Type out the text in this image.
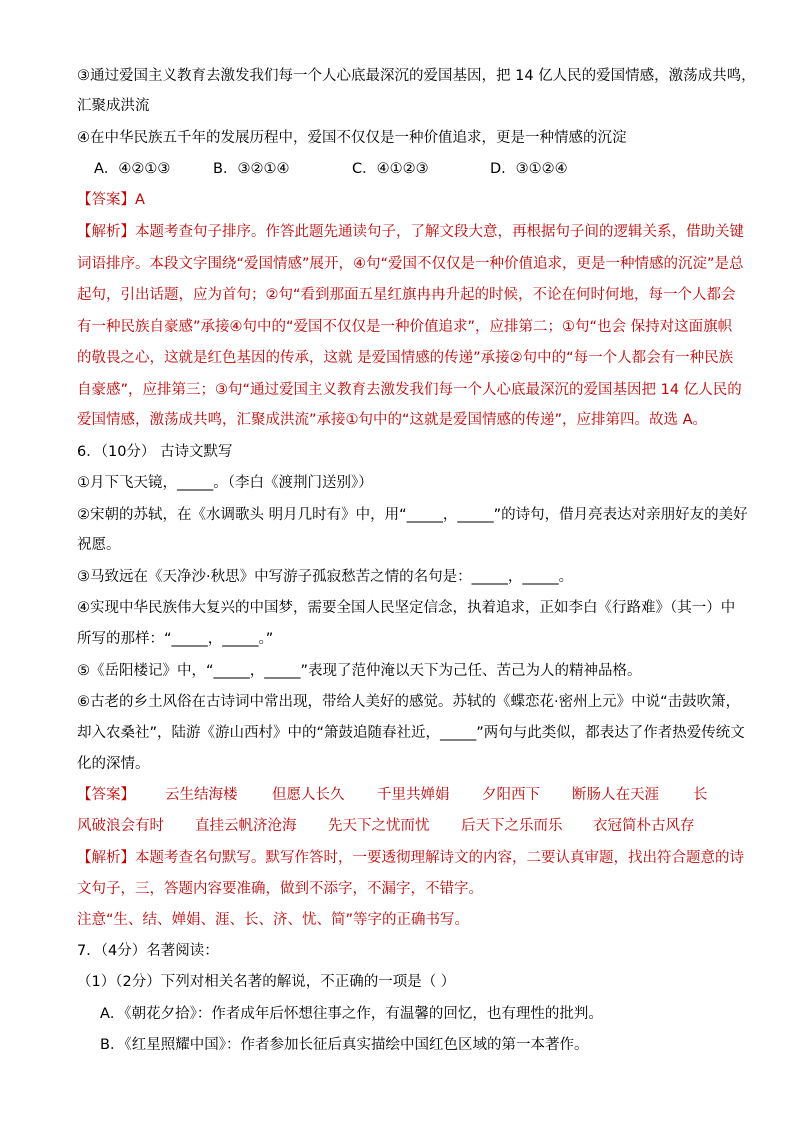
③通过爱国主义教育去激发我们每一个人心底最深沉的爱国基因，把 14 亿人民的爱国情感，激荡成共鸣，
汇聚成洪流
④在中华民族五千年的发展历程中，爱国不仅仅是一种价值追求，更是一种情感的沉淀
A．④②①③	B．③②①④	C．④①②③	D．③①②④
【答案】A
【解析】本题考查句子排序。作答此题先通读句子，了解文段大意，再根据句子间的逻辑关系，借助关键
词语排序。本段文字围绕“爱国情感”展开，④句“爱国不仅仅是一种价值追求，更是一种情感的沉淀”是总
起句，引出话题，应为首句；②句“看到那面五星红旗冉冉升起的时候，不论在何时何地，每一个人都会
有一种民族自豪感”承接④句中的“爱国不仅仅是一种价值追求”，应排第二；①句“也会 保持对这面旗帜
的敬畏之心，这就是红色基因的传承，这就 是爱国情感的传递”承接②句中的“每一个人都会有一种民族
自豪感”，应排第三；③句“通过爱国主义教育去激发我们每一个人心底最深沉的爱国基因把 14 亿人民的
爱国情感，激荡成共鸣，汇聚成洪流”承接①句中的“这就是爱国情感的传递”，应排第四。故选 A。
6．（10分） 古诗文默写
①月下飞天镜，_____。（李白《渡荆门送别》）
②宋朝的苏轼，在《水调歌头 明月几时有》中，用“_____，_____”的诗句，借月亮表达对亲朋好友的美好
祝愿。
③马致远在《天净沙·秋思》中写游子孤寂愁苦之情的名句是：_____，_____。
④实现中华民族伟大复兴的中国梦，需要全国人民坚定信念，执着追求，正如李白《行路难》（其一）中
所写的那样：“_____，_____。”
⑤《岳阳楼记》中，“_____，_____”表现了范仲淹以天下为己任、苦己为人的精神品格。
⑥古老的乡土风俗在古诗词中常出现，带给人美好的感觉。苏轼的《蝶恋花·密州上元》中说“击鼓吹箫，
却入农桑社”，陆游《游山西村》中的“箫鼓追随春社近，_____”两句与此类似，都表达了作者热爱传统文
化的深情。
【答案】 云生结海楼 但愿人长久 千里共婵娟 夕阳西下 断肠人在天涯 长
风破浪会有时 直挂云帆济沧海 先天下之忧而忧 后天下之乐而乐 衣冠简朴古风存
【解析】本题考查名句默写。默写作答时，一要透彻理解诗文的内容，二要认真审题，找出符合题意的诗
文句子，三，答题内容要准确，做到不添字，不漏字，不错字。
注意“生、结、婵娟、涯、长、济、忧、简”等字的正确书写。
7．（4分）名著阅读：
（1）（2分）下列对相关名著的解说，不正确的一项是（ ）
A．《朝花夕拾》：作者成年后怀想往事之作，有温馨的回忆，也有理性的批判。
B．《红星照耀中国》：作者参加长征后真实描绘中国红色区域的第一本著作。
